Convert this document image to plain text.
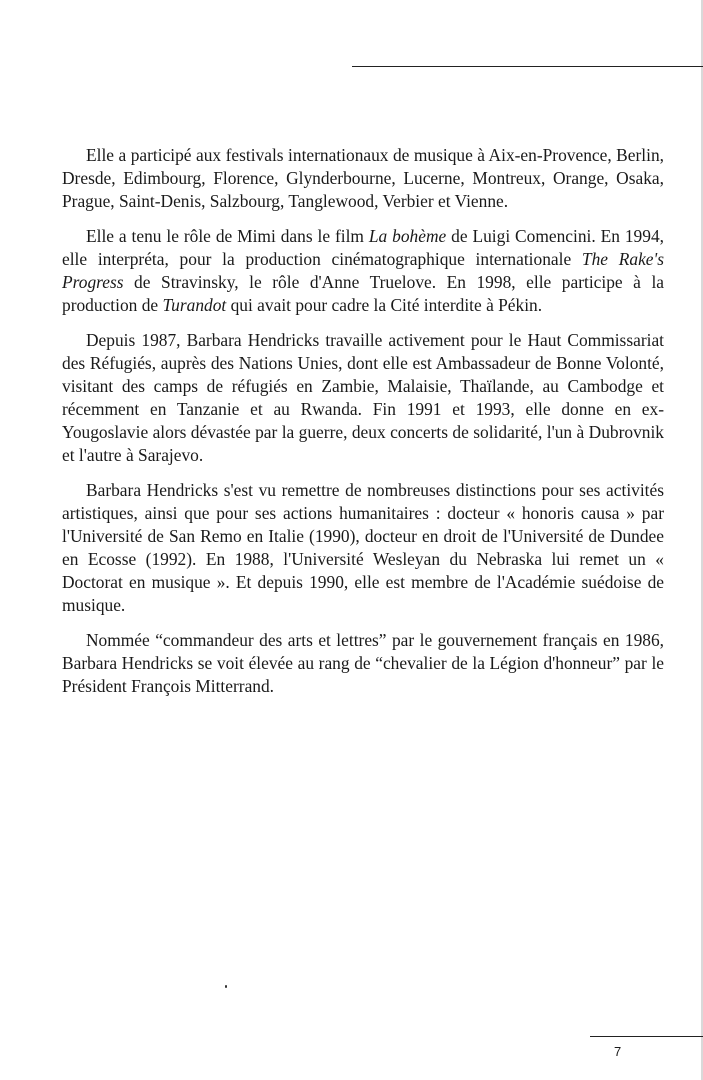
Elle a participé aux festivals internationaux de musique à Aix-en-Provence, Berlin, Dresde, Edimbourg, Florence, Glynderbourne, Lucerne, Montreux, Orange, Osaka, Prague, Saint-Denis, Salzbourg, Tanglewood, Verbier et Vienne.

Elle a tenu le rôle de Mimi dans le film La bohème de Luigi Comencini. En 1994, elle interpréta, pour la production cinématographique internationale The Rake's Progress de Stravinsky, le rôle d'Anne Truelove. En 1998, elle participe à la production de Turandot qui avait pour cadre la Cité interdite à Pékin.

Depuis 1987, Barbara Hendricks travaille activement pour le Haut Commissariat des Réfugiés, auprès des Nations Unies, dont elle est Ambassadeur de Bonne Volonté, visitant des camps de réfugiés en Zambie, Malaisie, Thaïlande, au Cambodge et récemment en Tanzanie et au Rwanda. Fin 1991 et 1993, elle donne en ex-Yougoslavie alors dévastée par la guerre, deux concerts de solidarité, l'un à Dubrovnik et l'autre à Sarajevo.

Barbara Hendricks s'est vu remettre de nombreuses distinctions pour ses activités artistiques, ainsi que pour ses actions humanitaires : docteur « honoris causa » par l'Université de San Remo en Italie (1990), docteur en droit de l'Université de Dundee en Ecosse (1992). En 1988, l'Université Wesleyan du Nebraska lui remet un « Doctorat en musique ». Et depuis 1990, elle est membre de l'Académie suédoise de musique.

Nommée “commandeur des arts et lettres” par le gouvernement français en 1986, Barbara Hendricks se voit élevée au rang de “chevalier de la Légion d'honneur” par le Président François Mitterrand.

7
